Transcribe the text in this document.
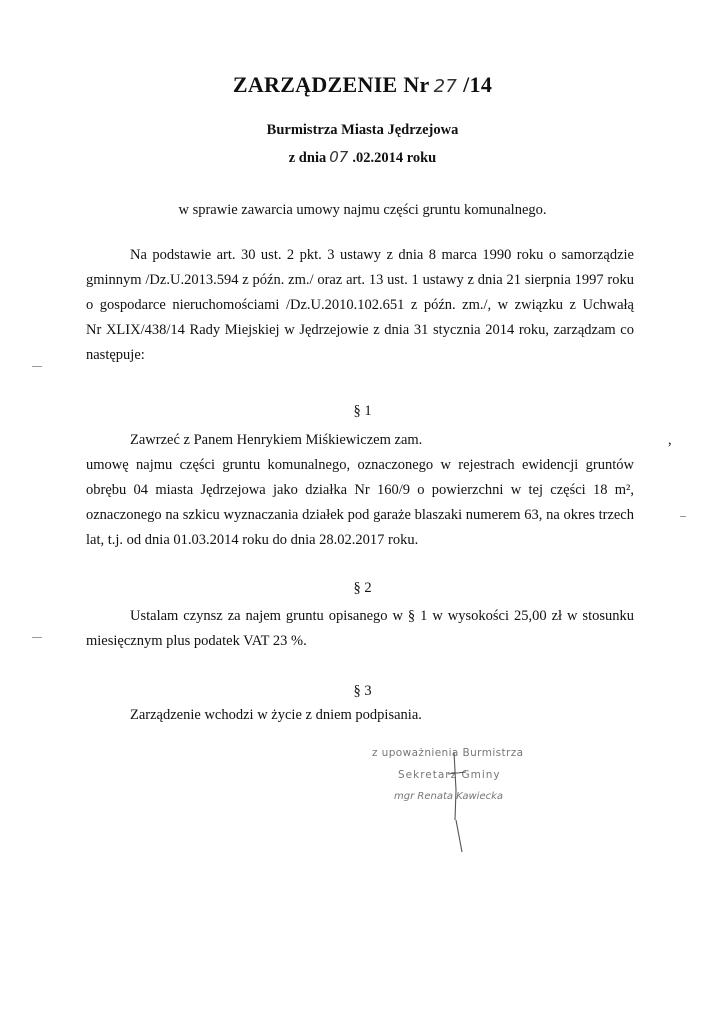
ZARZĄDZENIE Nr 27 /14
Burmistrza Miasta Jędrzejowa
z dnia 07 .02.2014 roku
w sprawie zawarcia umowy najmu części gruntu komunalnego.
Na podstawie art. 30 ust. 2 pkt. 3 ustawy z dnia 8 marca 1990 roku o samorządzie
gminnym /Dz.U.2013.594 z późn. zm./ oraz art. 13 ust. 1 ustawy z dnia 21 sierpnia 1997 roku
o gospodarce nieruchomościami /Dz.U.2010.102.651 z późn. zm./, w związku z Uchwałą
Nr XLIX/438/14 Rady Miejskiej w Jędrzejowie z dnia 31 stycznia 2014 roku, zarządzam co
następuje:
§ 1
Zawrzeć z Panem Henrykiem Miśkiewiczem zam.	,
umowę najmu części gruntu komunalnego, oznaczonego w rejestrach ewidencji gruntów
obrębu 04 miasta Jędrzejowa jako działka Nr 160/9 o powierzchni w tej części 18 m²,
oznaczonego na szkicu wyznaczania działek pod garaże blaszaki numerem 63, na okres trzech
lat, t.j. od dnia 01.03.2014 roku do dnia 28.02.2017 roku.
§ 2
Ustalam czynsz za najem gruntu opisanego w § 1 w wysokości 25,00 zł w stosunku
miesięcznym plus podatek VAT 23 %.
§ 3
Zarządzenie wchodzi w życie z dniem podpisania.
z upoważnienia Burmistrza
Sekretarz Gminy
mgr Renata Kawiecka
